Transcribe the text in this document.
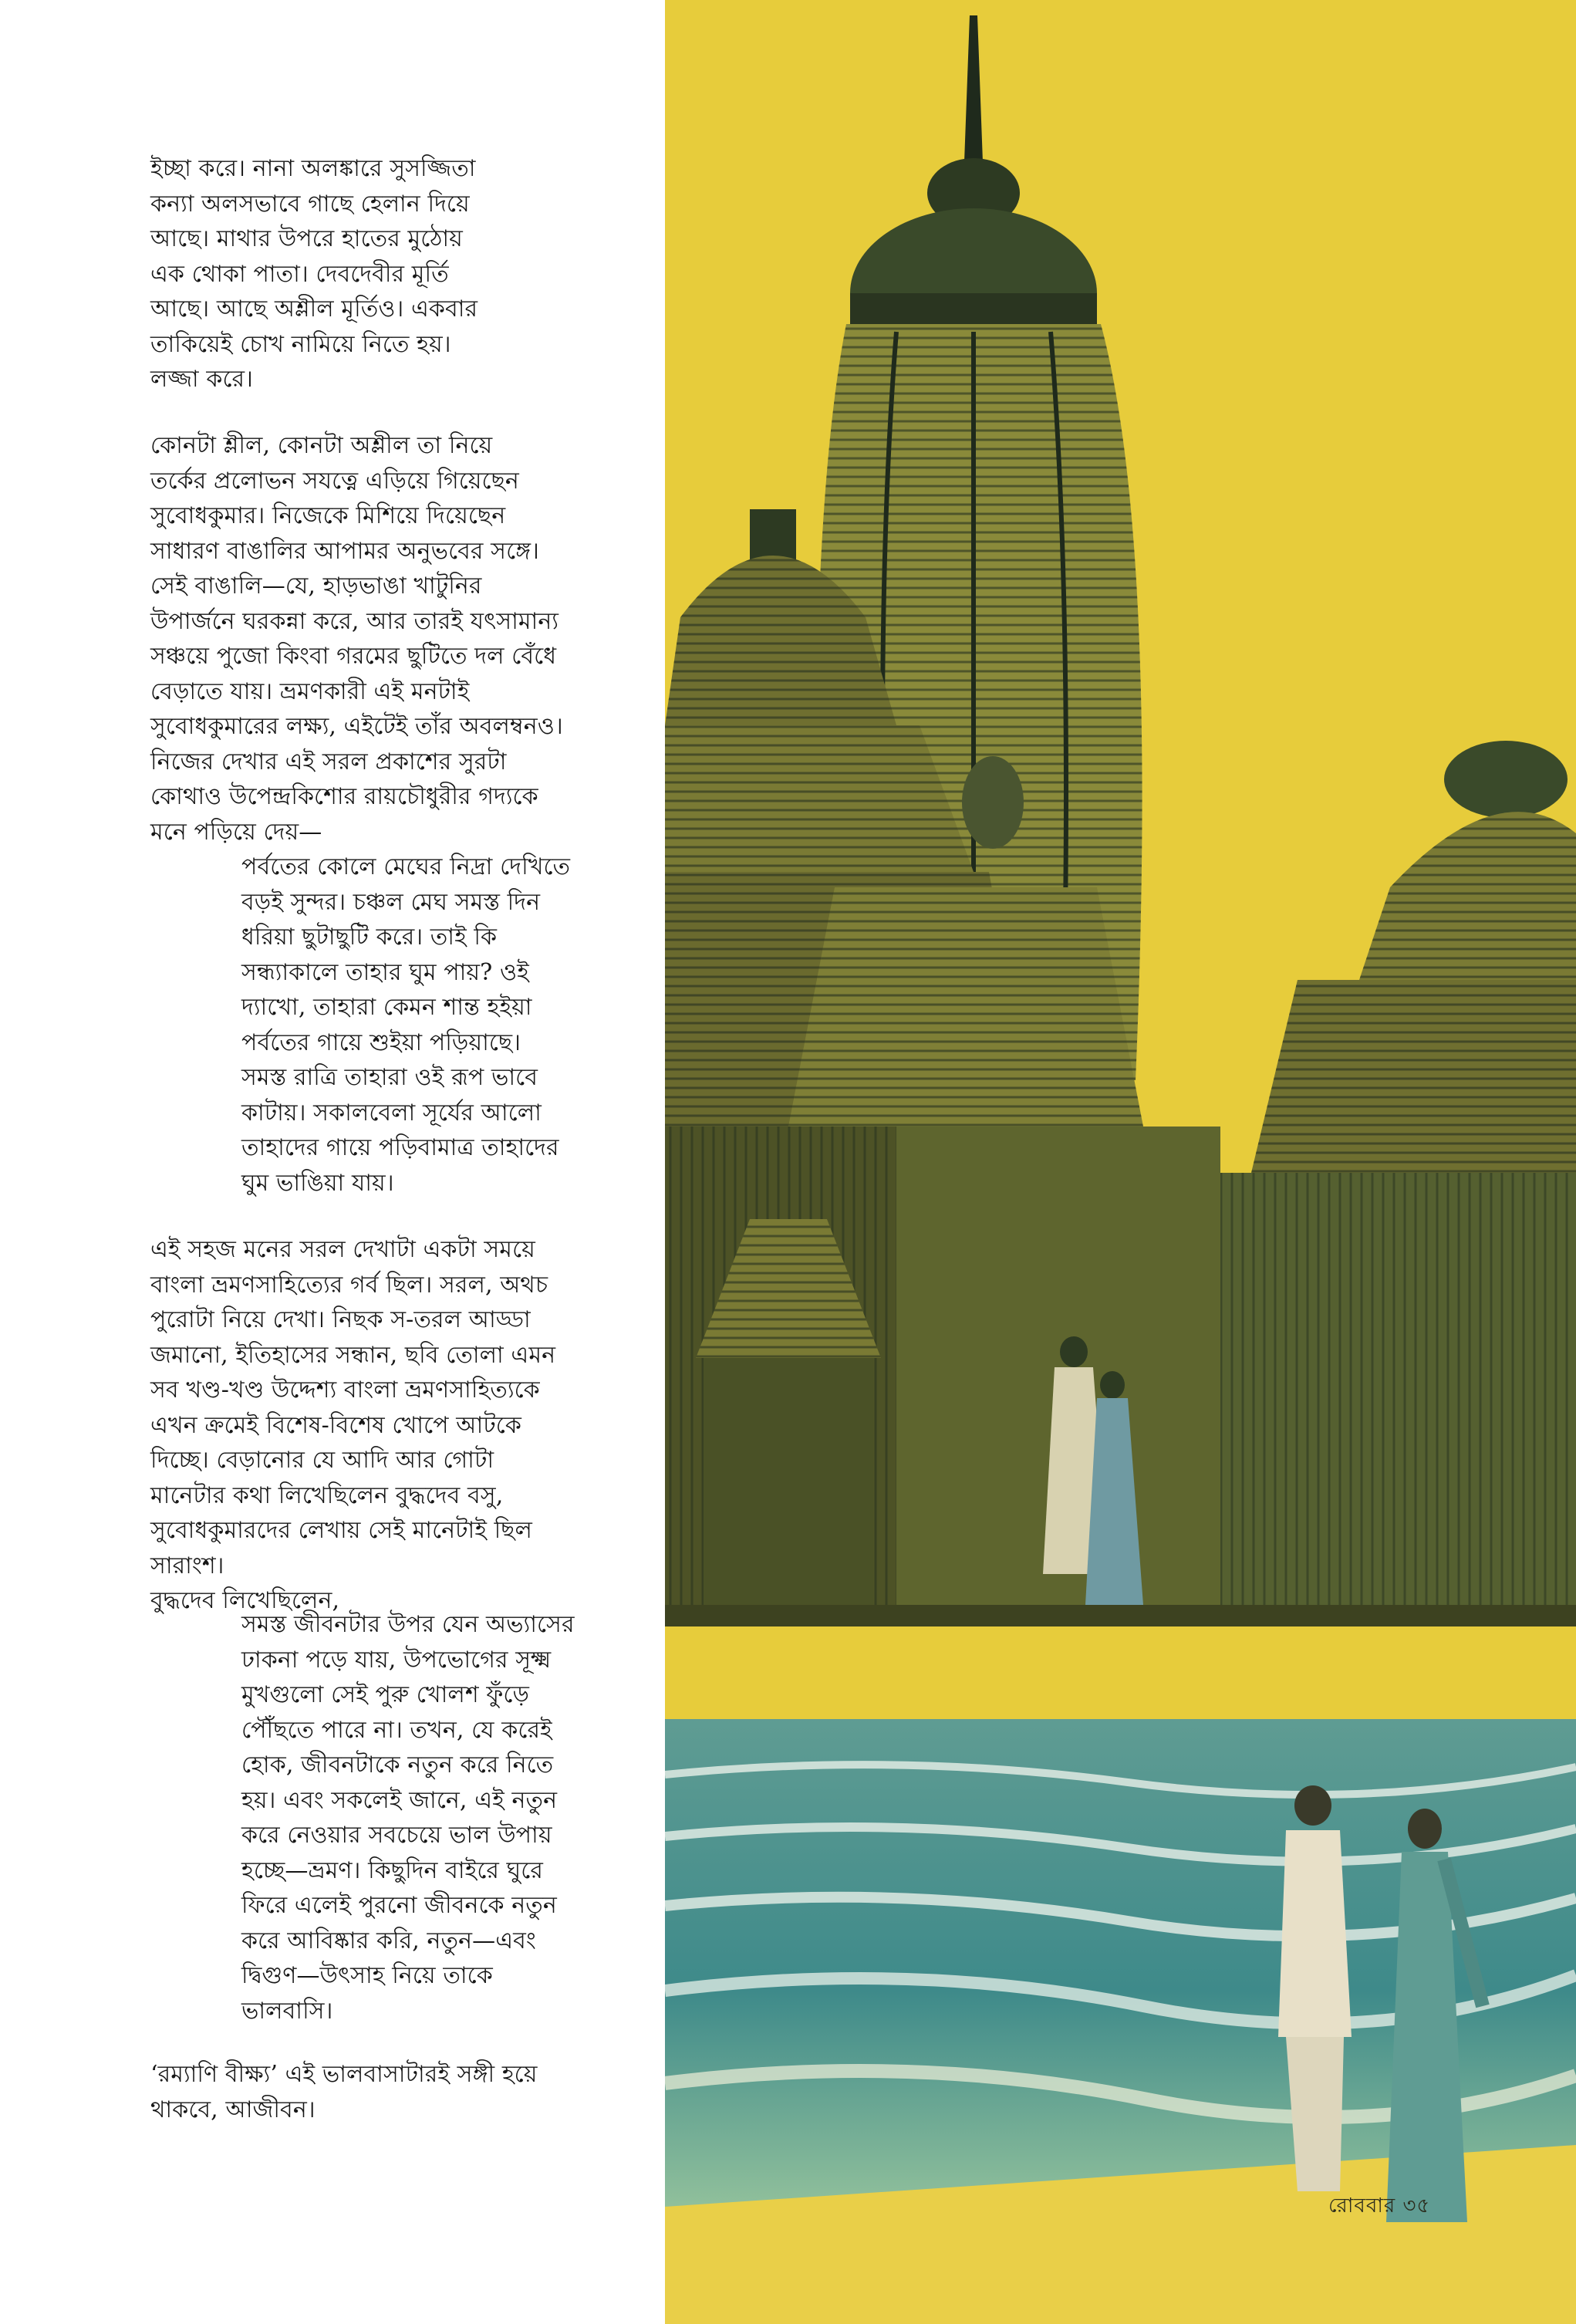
ইচ্ছা করে। নানা অলঙ্কারে সুসজ্জিতা
কন্যা অলসভাবে গাছে হেলান দিয়ে
আছে। মাথার উপরে হাতের মুঠোয়
এক থোকা পাতা। দেবদেবীর মূর্তি
আছে। আছে অশ্লীল মূর্তিও। একবার
তাকিয়েই চোখ নামিয়ে নিতে হয়।
লজ্জা করে।

কোনটা শ্লীল, কোনটা অশ্লীল তা নিয়ে
তর্কের প্রলোভন সযত্নে এড়িয়ে গিয়েছেন
সুবোধকুমার। নিজেকে মিশিয়ে দিয়েছেন
সাধারণ বাঙালির আপামর অনুভবের সঙ্গে।
সেই বাঙালি—যে, হাড়ভাঙা খাটুনির
উপার্জনে ঘরকন্না করে, আর তারই যৎসামান্য
সঞ্চয়ে পুজো কিংবা গরমের ছুটিতে দল বেঁধে
বেড়াতে যায়। ভ্রমণকারী এই মনটাই
সুবোধকুমারের লক্ষ্য, এইটেই তাঁর অবলম্বনও।
নিজের দেখার এই সরল প্রকাশের সুরটা
কোথাও উপেন্দ্রকিশোর রায়চৌধুরীর গদ্যকে
মনে পড়িয়ে দেয়—

পর্বতের কোলে মেঘের নিদ্রা দেখিতে
বড়ই সুন্দর। চঞ্চল মেঘ সমস্ত দিন
ধরিয়া ছুটাছুটি করে। তাই কি
সন্ধ্যাকালে তাহার ঘুম পায়? ওই
দ্যাখো, তাহারা কেমন শান্ত হইয়া
পর্বতের গায়ে শুইয়া পড়িয়াছে।
সমস্ত রাত্রি তাহারা ওই রূপ ভাবে
কাটায়। সকালবেলা সূর্যের আলো
তাহাদের গায়ে পড়িবামাত্র তাহাদের
ঘুম ভাঙিয়া যায়।

এই সহজ মনের সরল দেখাটা একটা সময়ে
বাংলা ভ্রমণসাহিত্যের গর্ব ছিল। সরল, অথচ
পুরোটা নিয়ে দেখা। নিছক স-তরল আড্ডা
জমানো, ইতিহাসের সন্ধান, ছবি তোলা এমন
সব খণ্ড-খণ্ড উদ্দেশ্য বাংলা ভ্রমণসাহিত্যকে
এখন ক্রমেই বিশেষ-বিশেষ খোপে আটকে
দিচ্ছে। বেড়ানোর যে আদি আর গোটা
মানেটার কথা লিখেছিলেন বুদ্ধদেব বসু,
সুবোধকুমারদের লেখায় সেই মানেটাই ছিল
সারাংশ।
বুদ্ধদেব লিখেছিলেন,

সমস্ত জীবনটার উপর যেন অভ্যাসের
ঢাকনা পড়ে যায়, উপভোগের সূক্ষ্ম
মুখগুলো সেই পুরু খোলশ ফুঁড়ে
পৌঁছতে পারে না। তখন, যে করেই
হোক, জীবনটাকে নতুন করে নিতে
হয়। এবং সকলেই জানে, এই নতুন
করে নেওয়ার সবচেয়ে ভাল উপায়
হচ্ছে—ভ্রমণ। কিছুদিন বাইরে ঘুরে
ফিরে এলেই পুরনো জীবনকে নতুন
করে আবিষ্কার করি, নতুন—এবং
দ্বিগুণ—উৎসাহ নিয়ে তাকে
ভালবাসি।

‘রম্যাণি বীক্ষ্য’ এই ভালবাসাটারই সঙ্গী হয়ে
থাকবে, আজীবন।

রোববার ৩৫
